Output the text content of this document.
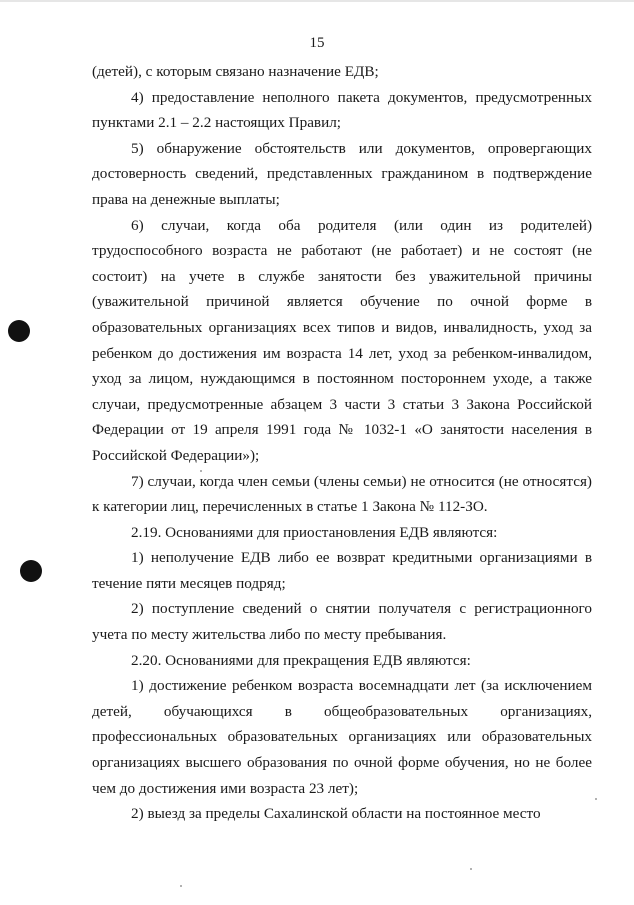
15

(детей), с которым связано назначение ЕДВ;

4) предоставление неполного пакета документов, предусмотренных пунктами 2.1 – 2.2 настоящих Правил;

5) обнаружение обстоятельств или документов, опровергающих достоверность сведений, представленных гражданином в подтверждение права на денежные выплаты;

6) случаи, когда оба родителя (или один из родителей) трудоспособного возраста не работают (не работает) и не состоят (не состоит) на учете в службе занятости без уважительной причины (уважительной причиной является обучение по очной форме в образовательных организациях всех типов и видов, инвалидность, уход за ребенком до достижения им возраста 14 лет, уход за ребенком-инвалидом, уход за лицом, нуждающимся в постоянном постороннем уходе, а также случаи, предусмотренные абзацем 3 части 3 статьи 3 Закона Российской Федерации от 19 апреля 1991 года № 1032-1 «О занятости населения в Российской Федерации»);

7) случаи, когда член семьи (члены семьи) не относится (не относятся) к категории лиц, перечисленных в статье 1 Закона № 112-ЗО.

2.19. Основаниями для приостановления ЕДВ являются:

1) неполучение ЕДВ либо ее возврат кредитными организациями в течение пяти месяцев подряд;

2) поступление сведений о снятии получателя с регистрационного учета по месту жительства либо по месту пребывания.

2.20. Основаниями для прекращения ЕДВ являются:

1) достижение ребенком возраста восемнадцати лет (за исключением детей, обучающихся в общеобразовательных организациях, профессиональных образовательных организациях или образовательных организациях высшего образования по очной форме обучения, но не более чем до достижения ими возраста 23 лет);

2) выезд за пределы Сахалинской области на постоянное место
